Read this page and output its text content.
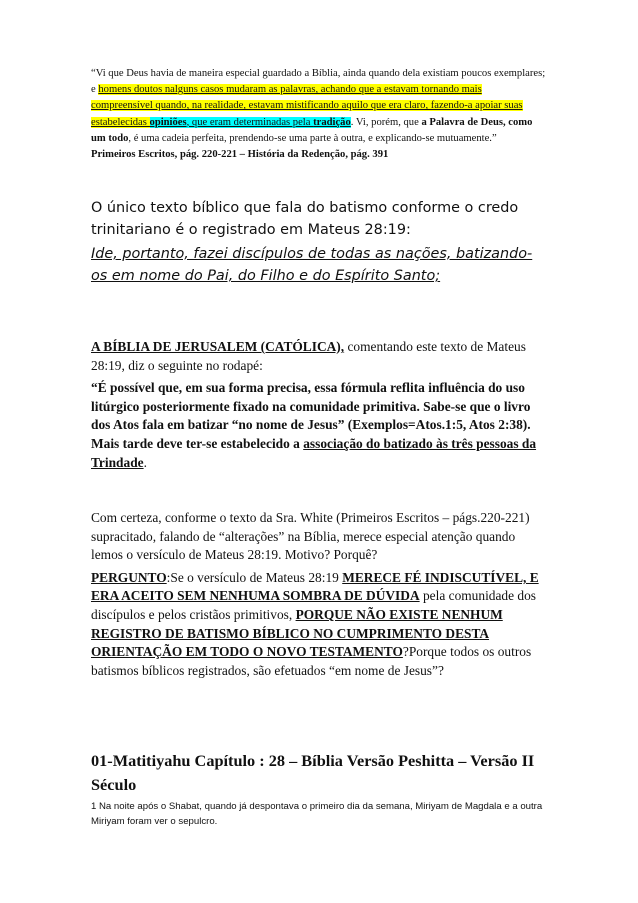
“Vi que Deus havia de maneira especial guardado a Bíblia, ainda quando dela existiam poucos exemplares; e homens doutos nalguns casos mudaram as palavras, achando que a estavam tornando mais compreensível quando, na realidade, estavam mistificando aquilo que era claro, fazendo-a apoiar suas estabelecidas opiniões, que eram determinadas pela tradição. Vi, porém, que a Palavra de Deus, como um todo, é uma cadeia perfeita, prendendo-se uma parte à outra, e explicando-se mutuamente.”

Primeiros Escritos, pág. 220-221 – História da Redenção, pág. 391

O único texto bíblico que fala do batismo conforme o credo trinitariano é o registrado em Mateus 28:19:

Ide, portanto, fazei discípulos de todas as nações, batizando-os em nome do Pai, do Filho e do Espírito Santo;

A BÍBLIA DE JERUSALEM (CATÓLICA), comentando este texto de Mateus 28:19, diz o seguinte no rodapé:

“É possível que, em sua forma precisa, essa fórmula reflita influência do uso litúrgico posteriormente fixado na comunidade primitiva. Sabe-se que o livro dos Atos fala em batizar “no nome de Jesus” (Exemplos=Atos.1:5, Atos 2:38). Mais tarde deve ter-se estabelecido a associação do batizado às três pessoas da Trindade.

Com certeza, conforme o texto da Sra. White (Primeiros Escritos – págs.220-221) supracitado, falando de “alterações” na Bíblia, merece especial atenção quando lemos o versículo de Mateus 28:19. Motivo? Porquê?

PERGUNTO:Se o versículo de Mateus 28:19 MERECE FÉ INDISCUTÍVEL, E ERA ACEITO SEM NENHUMA SOMBRA DE DÚVIDA pela comunidade dos discípulos e pelos cristãos primitivos, PORQUE NÃO EXISTE NENHUM REGISTRO DE BATISMO BÍBLICO NO CUMPRIMENTO DESTA ORIENTAÇÃO EM TODO O NOVO TESTAMENTO?Porque todos os outros batismos bíblicos registrados, são efetuados “em nome de Jesus”?

01-Matitiyahu Capítulo : 28 – Bíblia Versão Peshitta – Versão II Século
1 Na noite após o Shabat, quando já despontava o primeiro dia da semana, Miriyam de Magdala e a outra Miriyam foram ver o sepulcro.
